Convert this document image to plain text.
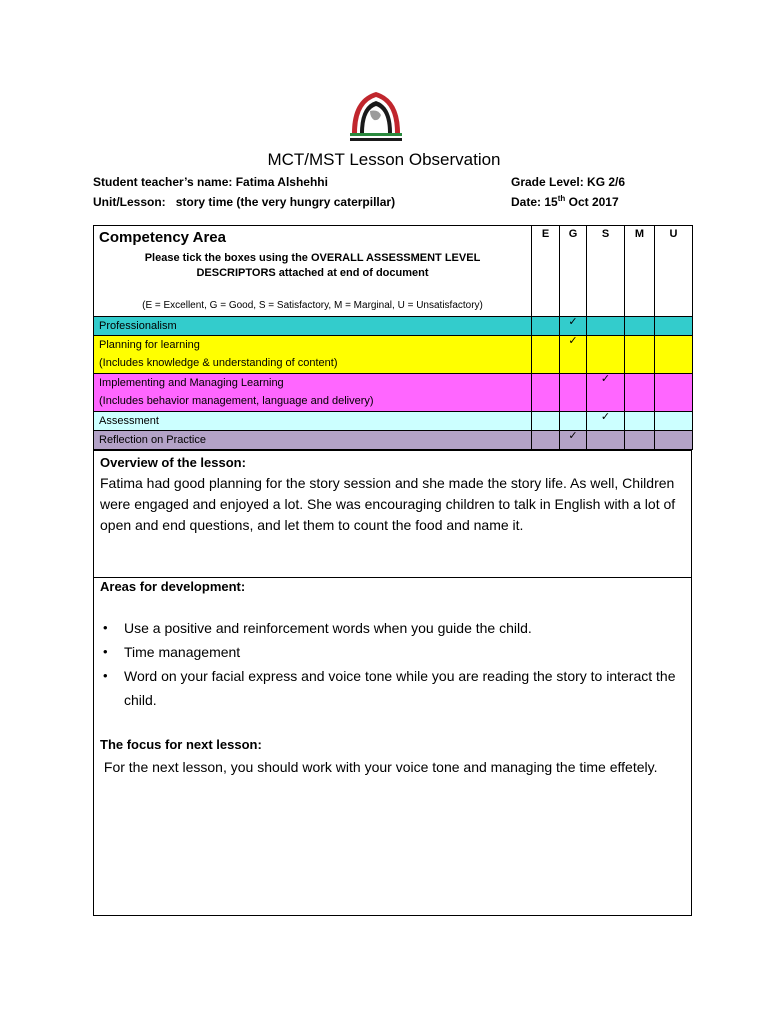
MCT/MST Lesson Observation
Student teacher’s name: Fatima Alshehhi	Grade Level: KG 2/6
Unit/Lesson: story time (the very hungry caterpillar)	Date: 15th Oct 2017
Competency Area
Please tick the boxes using the OVERALL ASSESSMENT LEVEL
DESCRIPTORS attached at end of document
(E = Excellent, G = Good, S = Satisfactory, M = Marginal, U = Unsatisfactory)	E	G	S	M	U

Professionalism		✓			

Planning for learning
(Includes knowledge & understanding of content)		✓			

Implementing and Managing Learning
(Includes behavior management, language and delivery)			✓		

Assessment			✓		

Reflection on Practice		✓			

Overview of the lesson:

Fatima had good planning for the story session and she made the story life. As well, Children were engaged and enjoyed a lot. She was encouraging children to talk in English with a lot of open and end questions, and let them to count the food and name it.

Areas for development:

• Use a positive and reinforcement words when you guide the child.
• Time management
• Word on your facial express and voice tone while you are reading the story to interact the child.

The focus for next lesson:

For the next lesson, you should work with your voice tone and managing the time effetely.
